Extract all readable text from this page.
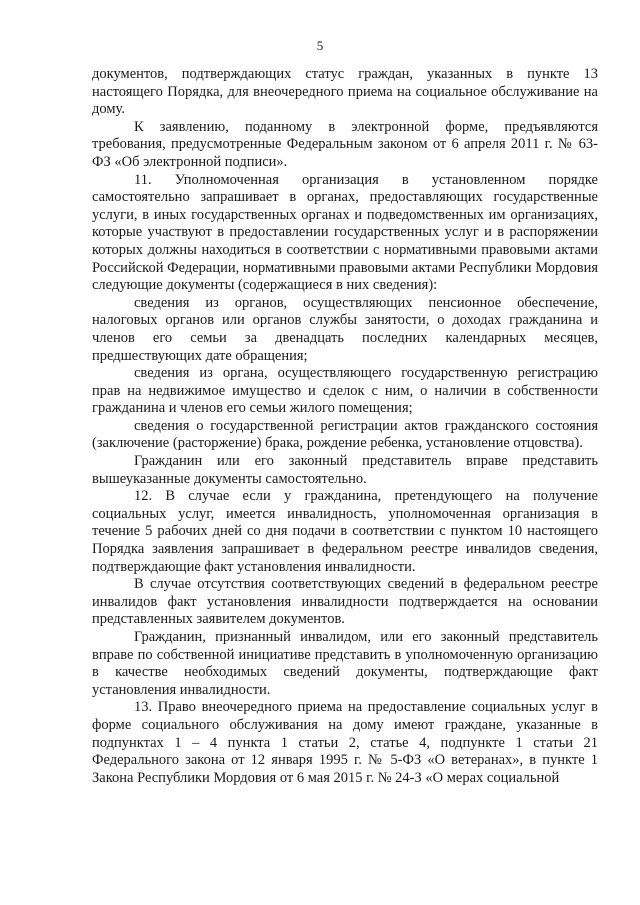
5

документов, подтверждающих статус граждан, указанных в пункте 13 настоящего Порядка, для внеочередного приема на социальное обслуживание на дому.

К заявлению, поданному в электронной форме, предъявляются требования, предусмотренные Федеральным законом от 6 апреля 2011 г. № 63-ФЗ «Об электронной подписи».

11. Уполномоченная организация в установленном порядке самостоятельно запрашивает в органах, предоставляющих государственные услуги, в иных государственных органах и подведомственных им организациях, которые участвуют в предоставлении государственных услуг и в распоряжении которых должны находиться в соответствии с нормативными правовыми актами Российской Федерации, нормативными правовыми актами Республики Мордовия следующие документы (содержащиеся в них сведения):

сведения из органов, осуществляющих пенсионное обеспечение, налоговых органов или органов службы занятости, о доходах гражданина и членов его семьи за двенадцать последних календарных месяцев, предшествующих дате обращения;

сведения из органа, осуществляющего государственную регистрацию прав на недвижимое имущество и сделок с ним, о наличии в собственности гражданина и членов его семьи жилого помещения;

сведения о государственной регистрации актов гражданского состояния (заключение (расторжение) брака, рождение ребенка, установление отцовства).

Гражданин или его законный представитель вправе представить вышеуказанные документы самостоятельно.

12. В случае если у гражданина, претендующего на получение социальных услуг, имеется инвалидность, уполномоченная организация в течение 5 рабочих дней со дня подачи в соответствии с пунктом 10 настоящего Порядка заявления запрашивает в федеральном реестре инвалидов сведения, подтверждающие факт установления инвалидности.

В случае отсутствия соответствующих сведений в федеральном реестре инвалидов факт установления инвалидности подтверждается на основании представленных заявителем документов.

Гражданин, признанный инвалидом, или его законный представитель вправе по собственной инициативе представить в уполномоченную организацию в качестве необходимых сведений документы, подтверждающие факт установления инвалидности.

13. Право внеочередного приема на предоставление социальных услуг в форме социального обслуживания на дому имеют граждане, указанные в подпунктах 1 – 4 пункта 1 статьи 2, статье 4, подпункте 1 статьи 21 Федерального закона от 12 января 1995 г. № 5-ФЗ «О ветеранах», в пункте 1 Закона Республики Мордовия от 6 мая 2015 г. № 24-З «О мерах социальной
